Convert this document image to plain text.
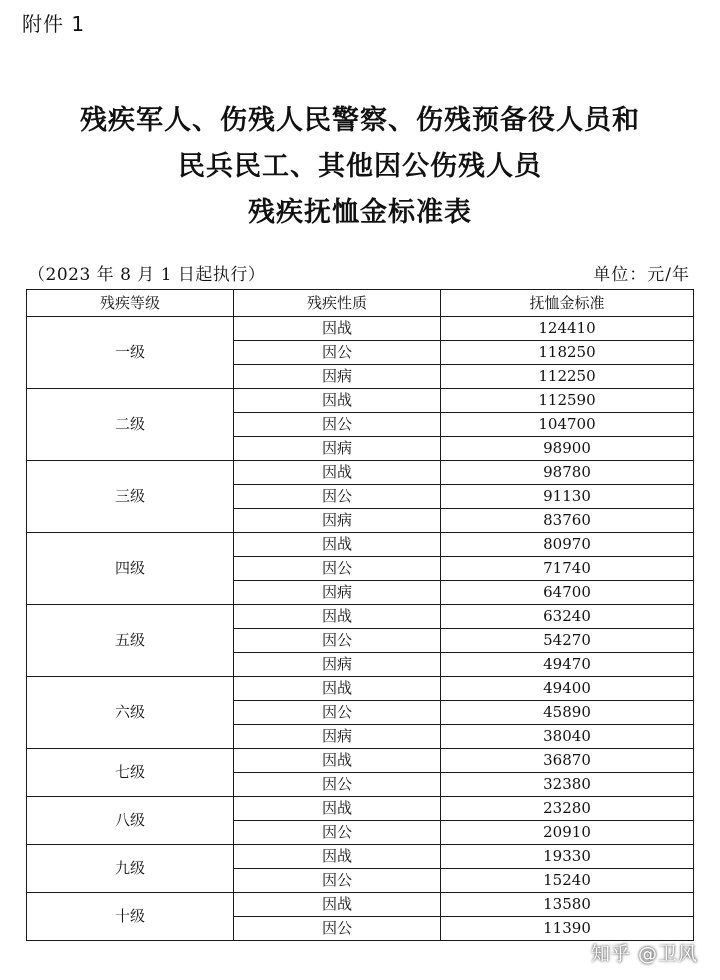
附件 1
残疾军人、伤残人民警察、伤残预备役人员和
民兵民工、其他因公伤残人员
残疾抚恤金标准表
（2023 年 8 月 1 日起执行）	单位：元/年
残疾等级	残疾性质	抚恤金标准
一级	因战	124410
	因公	118250
	因病	112250
二级	因战	112590
	因公	104700
	因病	98900
三级	因战	98780
	因公	91130
	因病	83760
四级	因战	80970
	因公	71740
	因病	64700
五级	因战	63240
	因公	54270
	因病	49470
六级	因战	49400
	因公	45890
	因病	38040
七级	因战	36870
	因公	32380
八级	因战	23280
	因公	20910
九级	因战	19330
	因公	15240
十级	因战	13580
	因公	11390
知乎 @卫风
